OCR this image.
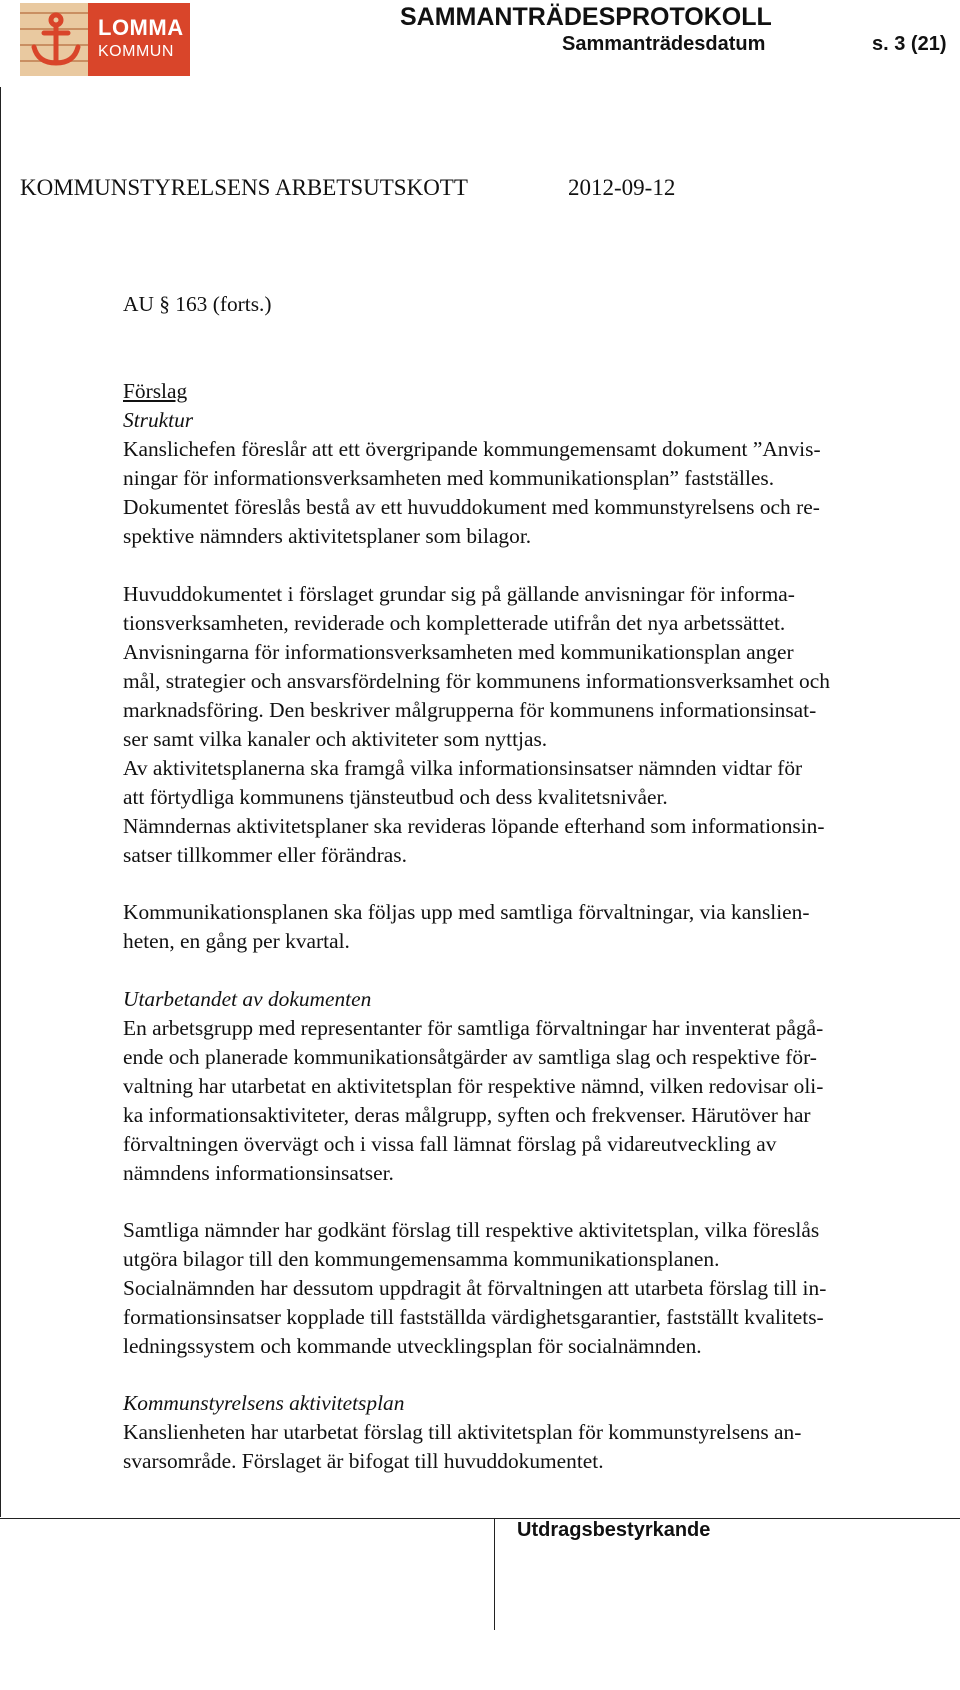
LOMMA
KOMMUN
SAMMANTRÄDESPROTOKOLL
Sammanträdesdatum	s. 3 (21)
KOMMUNSTYRELSENS ARBETSUTSKOTT	2012-09-12
AU § 163 (forts.)
Förslag
Struktur
Kanslichefen föreslår att ett övergripande kommungemensamt dokument ”Anvis-
ningar för informationsverksamheten med kommunikationsplan” fastställes.
Dokumentet föreslås bestå av ett huvuddokument med kommunstyrelsens och re-
spektive nämnders aktivitetsplaner som bilagor.
Huvuddokumentet i förslaget grundar sig på gällande anvisningar för informa-
tionsverksamheten, reviderade och kompletterade utifrån det nya arbetssättet.
Anvisningarna för informationsverksamheten med kommunikationsplan anger
mål, strategier och ansvarsfördelning för kommunens informationsverksamhet och
marknadsföring. Den beskriver målgrupperna för kommunens informationsinsat-
ser samt vilka kanaler och aktiviteter som nyttjas.
Av aktivitetsplanerna ska framgå vilka informationsinsatser nämnden vidtar för
att förtydliga kommunens tjänsteutbud och dess kvalitetsnivåer.
Nämndernas aktivitetsplaner ska revideras löpande efterhand som informationsin-
satser tillkommer eller förändras.
Kommunikationsplanen ska följas upp med samtliga förvaltningar, via kanslien-
heten, en gång per kvartal.
Utarbetandet av dokumenten
En arbetsgrupp med representanter för samtliga förvaltningar har inventerat pågå-
ende och planerade kommunikationsåtgärder av samtliga slag och respektive för-
valtning har utarbetat en aktivitetsplan för respektive nämnd, vilken redovisar oli-
ka informationsaktiviteter, deras målgrupp, syften och frekvenser. Härutöver har
förvaltningen övervägt och i vissa fall lämnat förslag på vidareutveckling av
nämndens informationsinsatser.
Samtliga nämnder har godkänt förslag till respektive aktivitetsplan, vilka föreslås
utgöra bilagor till den kommungemensamma kommunikationsplanen.
Socialnämnden har dessutom uppdragit åt förvaltningen att utarbeta förslag till in-
formationsinsatser kopplade till fastställda värdighetsgarantier, fastställt kvalitets-
ledningssystem och kommande utvecklingsplan för socialnämnden.
Kommunstyrelsens aktivitetsplan
Kanslienheten har utarbetat förslag till aktivitetsplan för kommunstyrelsens an-
svarsområde. Förslaget är bifogat till huvuddokumentet.
Utdragsbestyrkande
